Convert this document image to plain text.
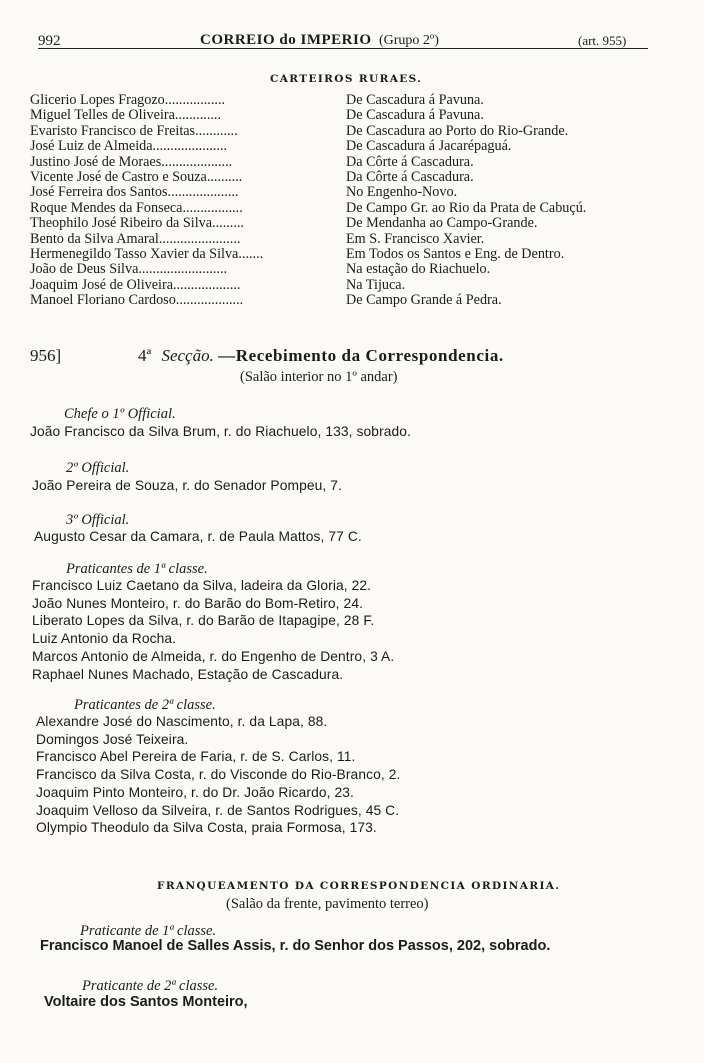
992	CORREIO do IMPERIO (Grupo 2º)	(art. 955)
CARTEIROS RURAES.
Glicerio Lopes Fragozo.................	De Cascadura á Pavuna.
Miguel Telles de Oliveira.............	De Cascadura á Pavuna.
Evaristo Francisco de Freitas............	De Cascadura ao Porto do Rio-Grande.
José Luiz de Almeida.....................	De Cascadura á Jacarépaguá.
Justino José de Moraes....................	Da Côrte á Cascadura.
Vicente José de Castro e Souza..........	Da Côrte á Cascadura.
José Ferreira dos Santos....................	No Engenho-Novo.
Roque Mendes da Fonseca.................	De Campo Gr. ao Rio da Prata de Cabuçú.
Theophilo José Ribeiro da Silva.........	De Mendanha ao Campo-Grande.
Bento da Silva Amaral.......................	Em S. Francisco Xavier.
Hermenegildo Tasso Xavier da Silva.......	Em Todos os Santos e Eng. de Dentro.
João de Deus Silva.........................	Na estação do Riachuelo.
Joaquim José de Oliveira...................	Na Tijuca.
Manoel Floriano Cardoso...................	De Campo Grande á Pedra.
956]	4ª Secção. —Recebimento da Correspondencia.
(Salão interior no 1º andar)
Chefe o 1º Official.
João Francisco da Silva Brum, r. do Riachuelo, 133, sobrado.
2º Official.
João Pereira de Souza, r. do Senador Pompeu, 7.
3º Official.
Augusto Cesar da Camara, r. de Paula Mattos, 77 C.
Praticantes de 1ª classe.
Francisco Luiz Caetano da Silva, ladeira da Gloria, 22.
João Nunes Monteiro, r. do Barão do Bom-Retiro, 24.
Liberato Lopes da Silva, r. do Barão de Itapagipe, 28 F.
Luiz Antonio da Rocha.
Marcos Antonio de Almeida, r. do Engenho de Dentro, 3 A.
Raphael Nunes Machado, Estação de Cascadura.
Praticantes de 2ª classe.
Alexandre José do Nascimento, r. da Lapa, 88.
Domingos José Teixeira.
Francisco Abel Pereira de Faria, r. de S. Carlos, 11.
Francisco da Silva Costa, r. do Visconde do Rio-Branco, 2.
Joaquim Pinto Monteiro, r. do Dr. João Ricardo, 23.
Joaquim Velloso da Silveira, r. de Santos Rodrigues, 45 C.
Olympio Theodulo da Silva Costa, praia Formosa, 173.
FRANQUEAMENTO DA CORRESPONDENCIA ORDINARIA.
(Salão da frente, pavimento terreo)
Praticante de 1ª classe.
Francisco Manoel de Salles Assis, r. do Senhor dos Passos, 202, sobrado.
Praticante de 2ª classe.
Voltaire dos Santos Monteiro,
